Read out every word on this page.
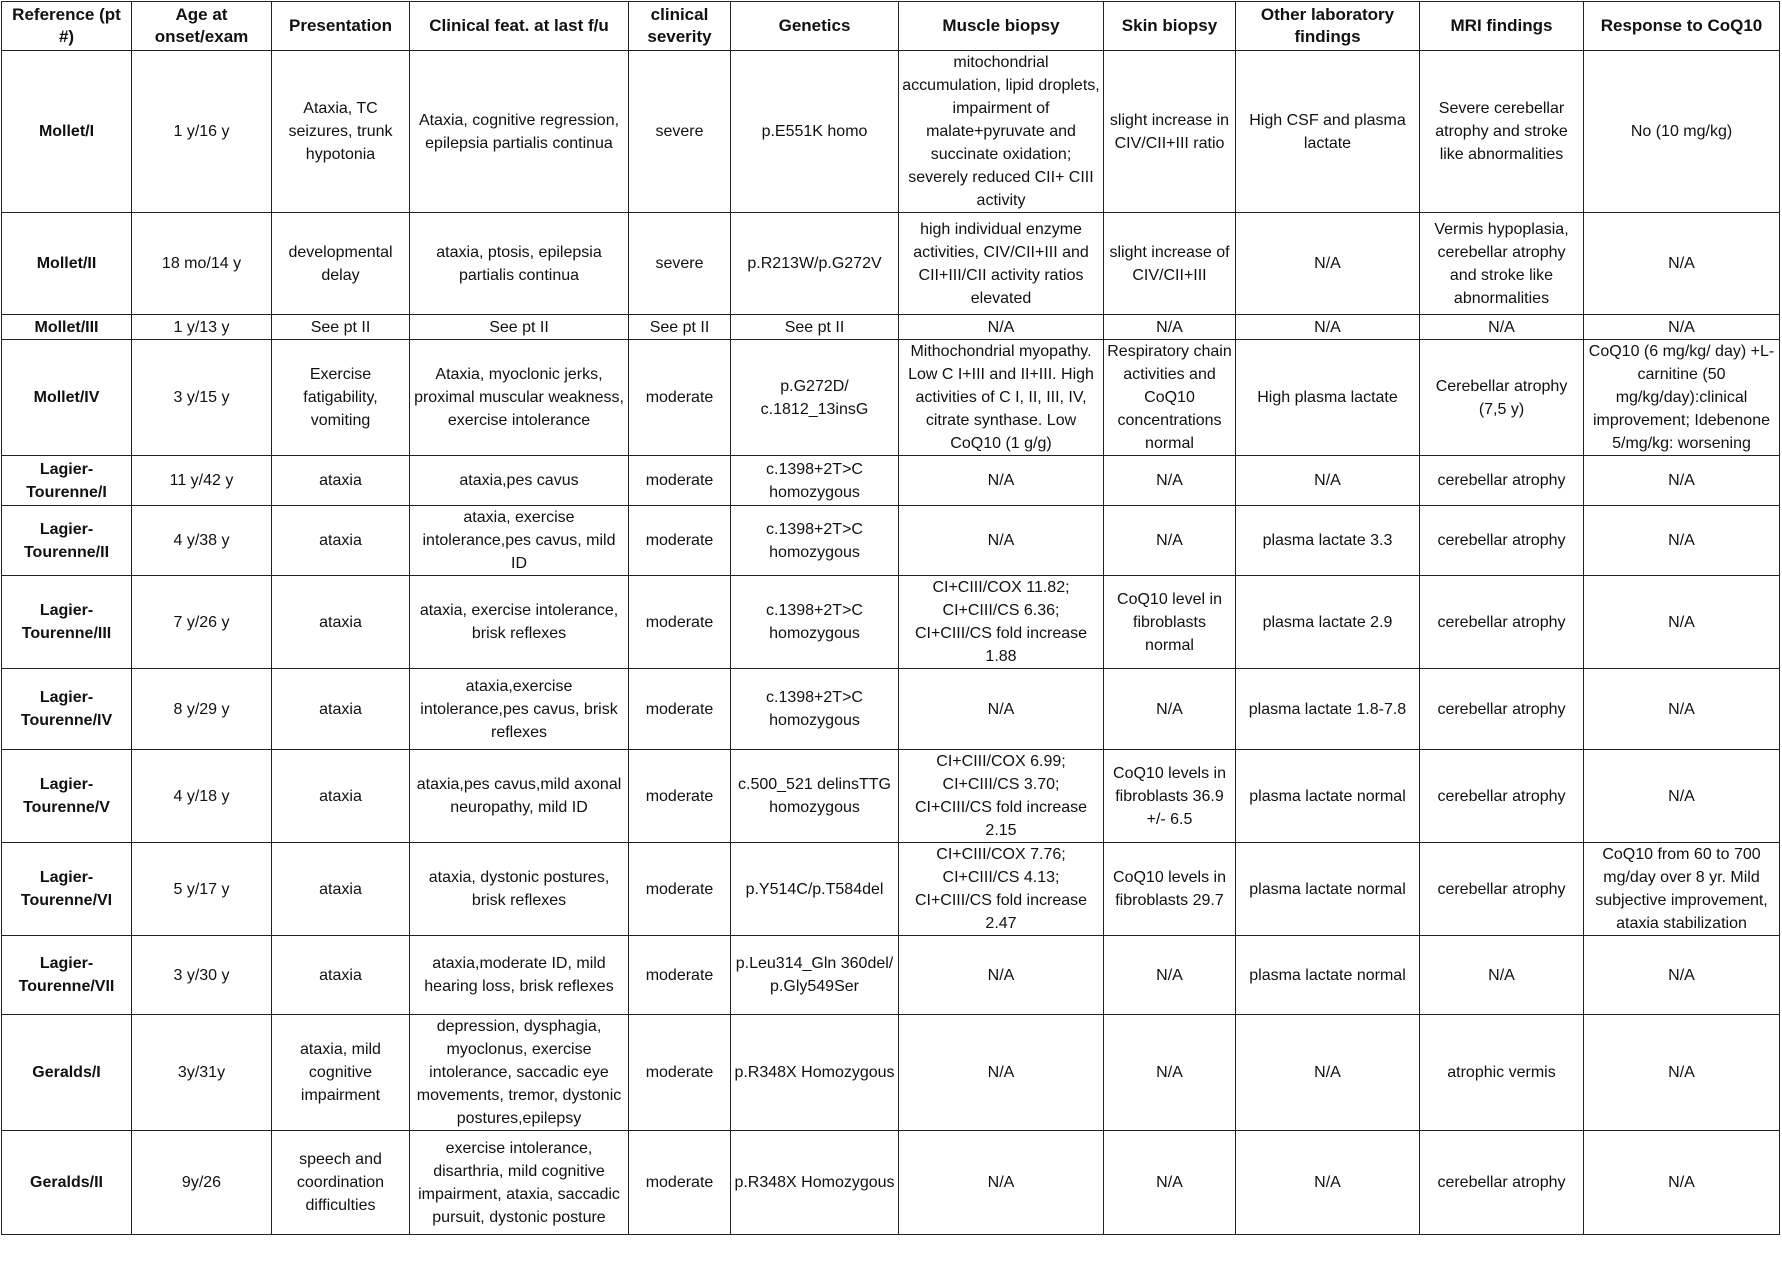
Reference (pt #)	Age at onset/exam	Presentation	Clinical feat. at last f/u	clinical severity	Genetics	Muscle biopsy	Skin biopsy	Other laboratory findings	MRI findings	Response to CoQ10
Mollet/I	1 y/16 y	Ataxia, TC seizures, trunk hypotonia	Ataxia, cognitive regression, epilepsia partialis continua	severe	p.E551K homo	mitochondrial accumulation, lipid droplets, impairment of malate+pyruvate and succinate oxidation; severely reduced CII+ CIII activity	slight increase in CIV/CII+III ratio	High CSF and plasma lactate	Severe cerebellar atrophy and stroke like abnormalities	No (10 mg/kg)
Mollet/II	18 mo/14 y	developmental delay	ataxia, ptosis, epilepsia partialis continua	severe	p.R213W/p.G272V	high individual enzyme activities, CIV/CII+III and CII+III/CII activity ratios elevated	slight increase of CIV/CII+III	N/A	Vermis hypoplasia, cerebellar atrophy and stroke like abnormalities	N/A
Mollet/III	1 y/13 y	See pt II	See pt II	See pt II	See pt II	N/A	N/A	N/A	N/A	N/A
Mollet/IV	3 y/15 y	Exercise fatigability, vomiting	Ataxia, myoclonic jerks, proximal muscular weakness, exercise intolerance	moderate	p.G272D/ c.1812_13insG	Mithochondrial myopathy. Low C I+III and II+III. High activities of C I, II, III, IV, citrate synthase. Low CoQ10 (1 g/g)	Respiratory chain activities and CoQ10 concentrations normal	High plasma lactate	Cerebellar atrophy (7,5 y)	CoQ10 (6 mg/kg/ day) +L-carnitine (50 mg/kg/day):clinical improvement; Idebenone 5/mg/kg: worsening
Lagier-Tourenne/I	11 y/42 y	ataxia	ataxia,pes cavus	moderate	c.1398+2T>C homozygous	N/A	N/A	N/A	cerebellar atrophy	N/A
Lagier-Tourenne/II	4 y/38 y	ataxia	ataxia, exercise intolerance,pes cavus, mild ID	moderate	c.1398+2T>C homozygous	N/A	N/A	plasma lactate 3.3	cerebellar atrophy	N/A
Lagier-Tourenne/III	7 y/26 y	ataxia	ataxia, exercise intolerance, brisk reflexes	moderate	c.1398+2T>C homozygous	CI+CIII/COX 11.82; CI+CIII/CS 6.36; CI+CIII/CS fold increase 1.88	CoQ10 level in fibroblasts normal	plasma lactate 2.9	cerebellar atrophy	N/A
Lagier-Tourenne/IV	8 y/29 y	ataxia	ataxia,exercise intolerance,pes cavus, brisk reflexes	moderate	c.1398+2T>C homozygous	N/A	N/A	plasma lactate 1.8-7.8	cerebellar atrophy	N/A
Lagier-Tourenne/V	4 y/18 y	ataxia	ataxia,pes cavus,mild axonal neuropathy, mild ID	moderate	c.500_521 delinsTTG homozygous	CI+CIII/COX 6.99; CI+CIII/CS 3.70; CI+CIII/CS fold increase 2.15	CoQ10 levels in fibroblasts 36.9 +/- 6.5	plasma lactate normal	cerebellar atrophy	N/A
Lagier-Tourenne/VI	5 y/17 y	ataxia	ataxia, dystonic postures, brisk reflexes	moderate	p.Y514C/p.T584del	CI+CIII/COX 7.76; CI+CIII/CS 4.13; CI+CIII/CS fold increase 2.47	CoQ10 levels in fibroblasts 29.7	plasma lactate normal	cerebellar atrophy	CoQ10 from 60 to 700 mg/day over 8 yr. Mild subjective improvement, ataxia stabilization
Lagier-Tourenne/VII	3 y/30 y	ataxia	ataxia,moderate ID, mild hearing loss, brisk reflexes	moderate	p.Leu314_Gln 360del/ p.Gly549Ser	N/A	N/A	plasma lactate normal	N/A	N/A
Geralds/I	3y/31y	ataxia, mild cognitive impairment	depression, dysphagia, myoclonus, exercise intolerance, saccadic eye movements, tremor, dystonic postures,epilepsy	moderate	p.R348X Homozygous	N/A	N/A	N/A	atrophic vermis	N/A
Geralds/II	9y/26	speech and coordination difficulties	exercise intolerance, disarthria, mild cognitive impairment, ataxia, saccadic pursuit, dystonic posture	moderate	p.R348X Homozygous	N/A	N/A	N/A	cerebellar atrophy	N/A
